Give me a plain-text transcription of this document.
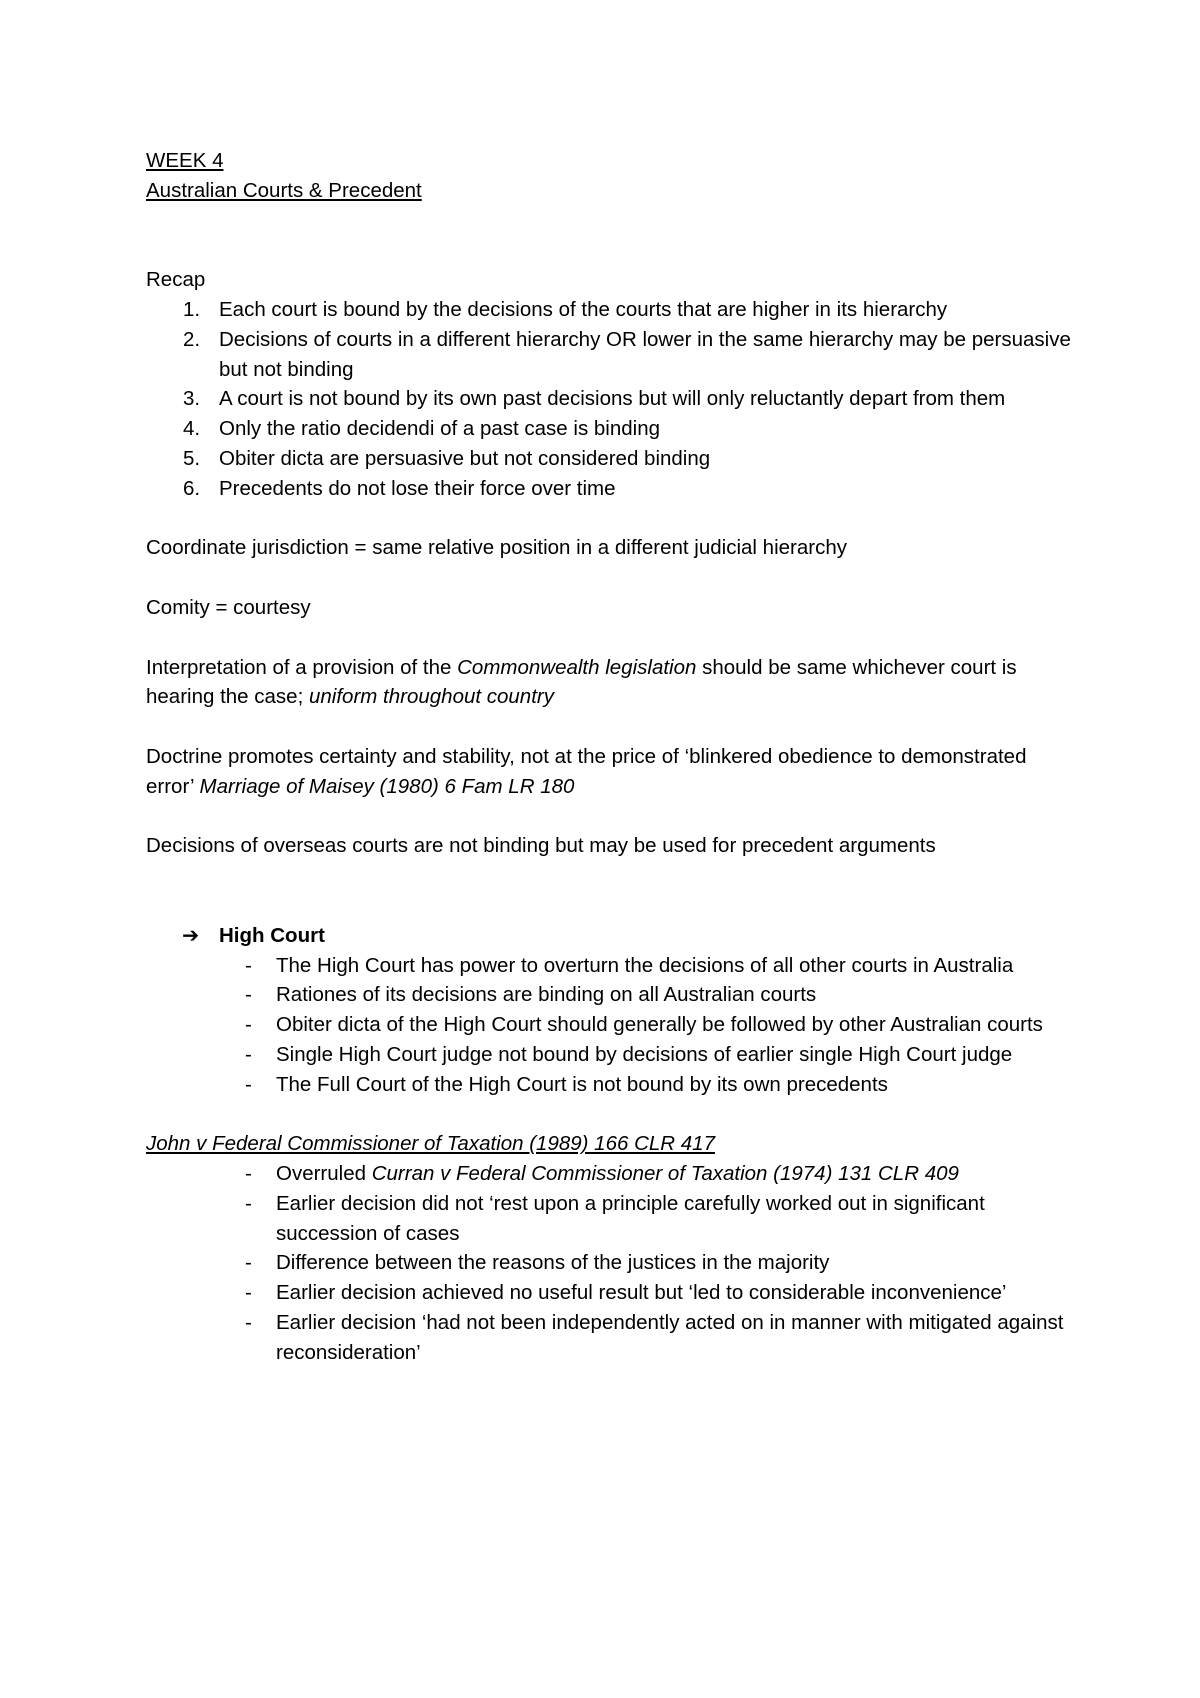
WEEK 4

Australian Courts & Precedent

Recap

1. Each court is bound by the decisions of the courts that are higher in its hierarchy
2. Decisions of courts in a different hierarchy OR lower in the same hierarchy may be persuasive but not binding
3. A court is not bound by its own past decisions but will only reluctantly depart from them
4. Only the ratio decidendi of a past case is binding
5. Obiter dicta are persuasive but not considered binding
6. Precedents do not lose their force over time

Coordinate jurisdiction = same relative position in a different judicial hierarchy

Comity = courtesy

Interpretation of a provision of the Commonwealth legislation should be same whichever court is hearing the case; uniform throughout country

Doctrine promotes certainty and stability, not at the price of ‘blinkered obedience to demonstrated error’ Marriage of Maisey (1980) 6 Fam LR 180

Decisions of overseas courts are not binding but may be used for precedent arguments

➔ High Court

- The High Court has power to overturn the decisions of all other courts in Australia
- Rationes of its decisions are binding on all Australian courts
- Obiter dicta of the High Court should generally be followed by other Australian courts
- Single High Court judge not bound by decisions of earlier single High Court judge
- The Full Court of the High Court is not bound by its own precedents

John v Federal Commissioner of Taxation (1989) 166 CLR 417

- Overruled Curran v Federal Commissioner of Taxation (1974) 131 CLR 409
- Earlier decision did not ‘rest upon a principle carefully worked out in significant succession of cases
- Difference between the reasons of the justices in the majority
- Earlier decision achieved no useful result but ‘led to considerable inconvenience’
- Earlier decision ‘had not been independently acted on in manner with mitigated against reconsideration’
